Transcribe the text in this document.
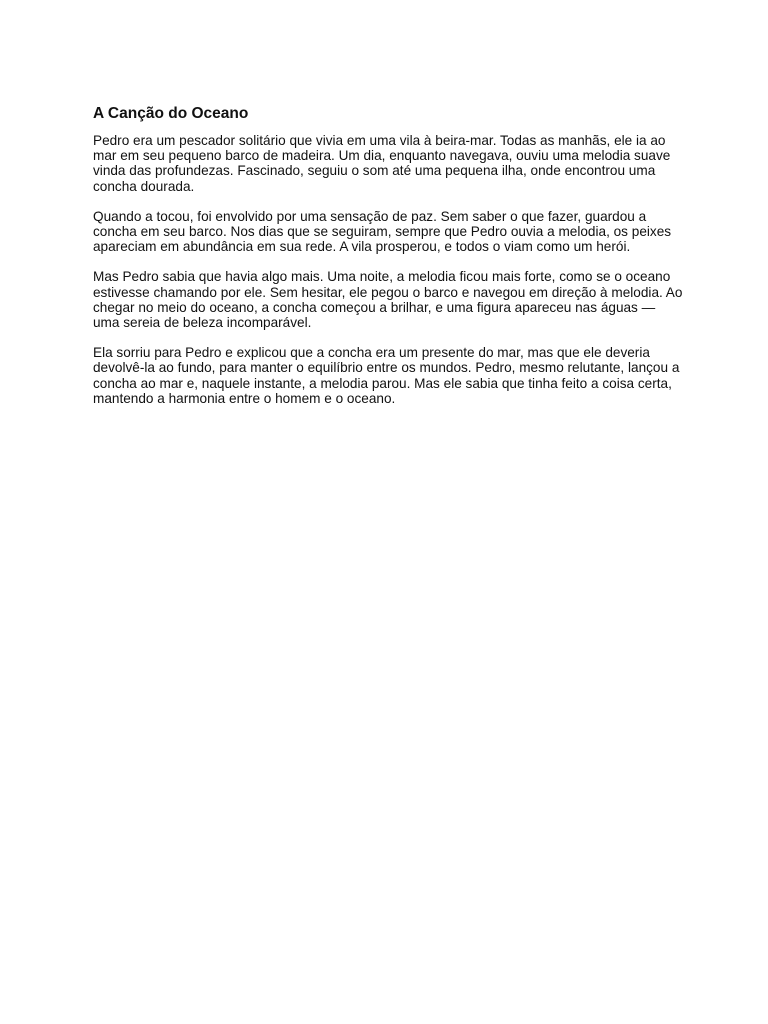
A Canção do Oceano

Pedro era um pescador solitário que vivia em uma vila à beira-mar. Todas as manhãs, ele ia ao mar em seu pequeno barco de madeira. Um dia, enquanto navegava, ouviu uma melodia suave vinda das profundezas. Fascinado, seguiu o som até uma pequena ilha, onde encontrou uma concha dourada.

Quando a tocou, foi envolvido por uma sensação de paz. Sem saber o que fazer, guardou a concha em seu barco. Nos dias que se seguiram, sempre que Pedro ouvia a melodia, os peixes apareciam em abundância em sua rede. A vila prosperou, e todos o viam como um herói.

Mas Pedro sabia que havia algo mais. Uma noite, a melodia ficou mais forte, como se o oceano estivesse chamando por ele. Sem hesitar, ele pegou o barco e navegou em direção à melodia. Ao chegar no meio do oceano, a concha começou a brilhar, e uma figura apareceu nas águas — uma sereia de beleza incomparável.

Ela sorriu para Pedro e explicou que a concha era um presente do mar, mas que ele deveria devolvê-la ao fundo, para manter o equilíbrio entre os mundos. Pedro, mesmo relutante, lançou a concha ao mar e, naquele instante, a melodia parou. Mas ele sabia que tinha feito a coisa certa, mantendo a harmonia entre o homem e o oceano.
